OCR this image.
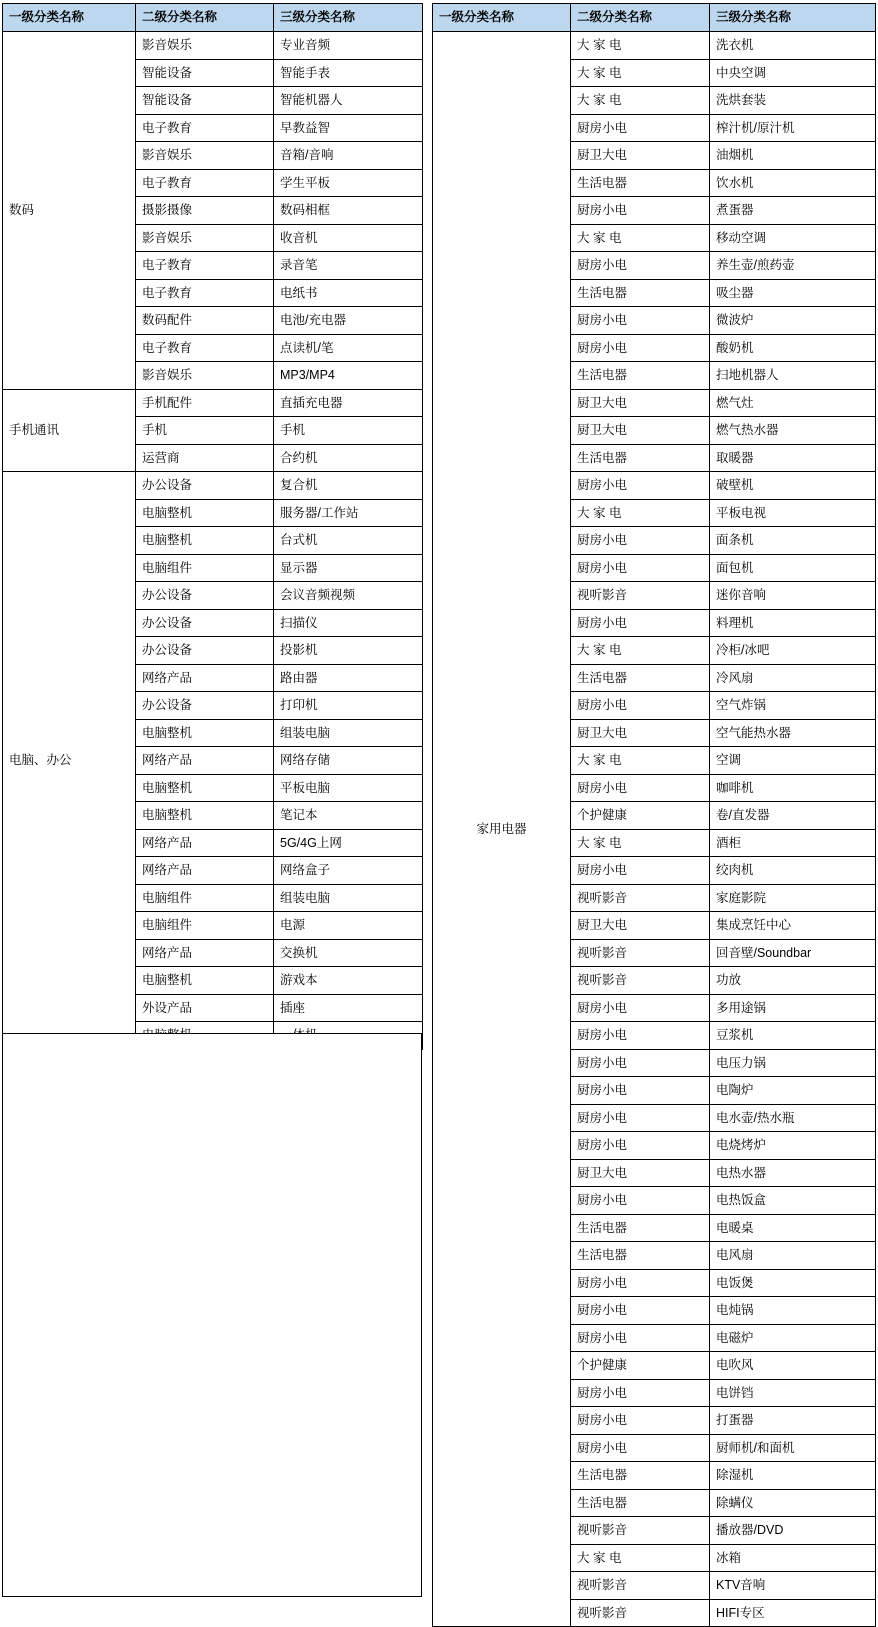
一级分类名称	二级分类名称	三级分类名称
数码	影音娱乐	专业音频
	智能设备	智能手表
	智能设备	智能机器人
	电子教育	早教益智
	影音娱乐	音箱/音响
	电子教育	学生平板
	摄影摄像	数码相框
	影音娱乐	收音机
	电子教育	录音笔
	电子教育	电纸书
	数码配件	电池/充电器
	电子教育	点读机/笔
	影音娱乐	MP3/MP4
手机通讯	手机配件	直插充电器
	手机	手机
	运营商	合约机
电脑、办公	办公设备	复合机
	电脑整机	服务器/工作站
	电脑整机	台式机
	电脑组件	显示器
	办公设备	会议音频视频
	办公设备	扫描仪
	办公设备	投影机
	网络产品	路由器
	办公设备	打印机
	电脑整机	组装电脑
	网络产品	网络存储
	电脑整机	平板电脑
	电脑整机	笔记本
	网络产品	5G/4G上网
	网络产品	网络盒子
	电脑组件	组装电脑
	电脑组件	电源
	网络产品	交换机
	电脑整机	游戏本
	外设产品	插座

一级分类名称	二级分类名称	三级分类名称
家用电器	大 家 电	洗衣机
	大 家 电	中央空调
	大 家 电	洗烘套装
	厨房小电	榨汁机/原汁机
	厨卫大电	油烟机
	生活电器	饮水机
	厨房小电	煮蛋器
	大 家 电	移动空调
	厨房小电	养生壶/煎药壶
	生活电器	吸尘器
	厨房小电	微波炉
	厨房小电	酸奶机
	生活电器	扫地机器人
	厨卫大电	燃气灶
	厨卫大电	燃气热水器
	生活电器	取暖器
	厨房小电	破壁机
	大 家 电	平板电视
	厨房小电	面条机
	厨房小电	面包机
	视听影音	迷你音响
	厨房小电	料理机
	大 家 电	冷柜/冰吧
	生活电器	冷风扇
	厨房小电	空气炸锅
	厨卫大电	空气能热水器
	大 家 电	空调
	厨房小电	咖啡机
	个护健康	卷/直发器
	大 家 电	酒柜
	厨房小电	绞肉机
	视听影音	家庭影院
	厨卫大电	集成烹饪中心
	视听影音	回音壁/Soundbar
	视听影音	功放
	厨房小电	多用途锅
	厨房小电	豆浆机
	厨房小电	电压力锅
	厨房小电	电陶炉
	厨房小电	电水壶/热水瓶
	厨房小电	电烧烤炉
	厨卫大电	电热水器
	厨房小电	电热饭盒
	生活电器	电暖桌
	生活电器	电风扇
	厨房小电	电饭煲
	厨房小电	电炖锅
	厨房小电	电磁炉
	个护健康	电吹风
	厨房小电	电饼铛
	厨房小电	打蛋器
	厨房小电	厨师机/和面机
	生活电器	除湿机
	生活电器	除螨仪
	视听影音	播放器/DVD
	大 家 电	冰箱
	视听影音	KTV音响
	视听影音	HIFI专区
